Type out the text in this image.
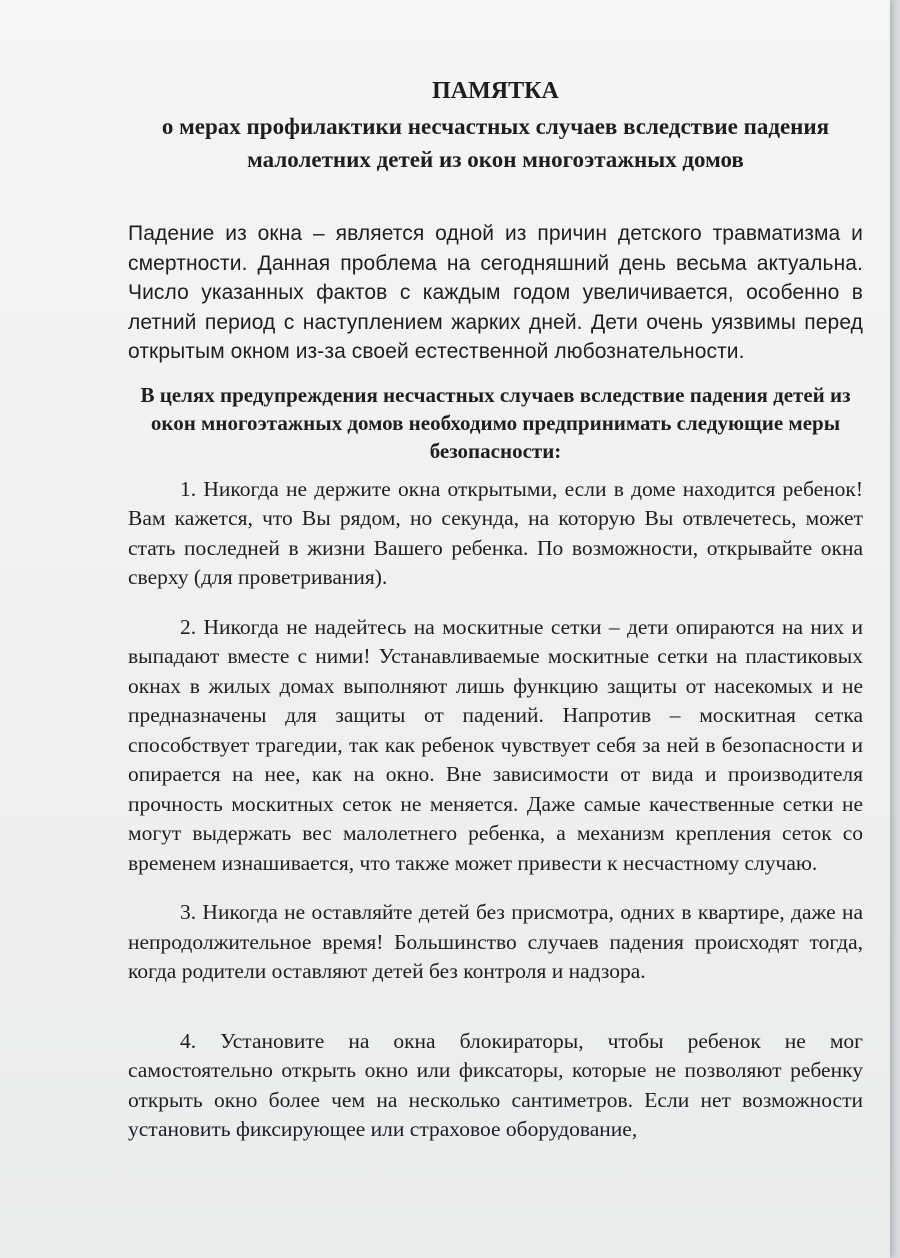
ПАМЯТКА
о мерах профилактики несчастных случаев вследствие падения малолетних детей из окон многоэтажных домов

Падение из окна – является одной из причин детского травматизма и смертности. Данная проблема на сегодняшний день весьма актуальна. Число указанных фактов с каждым годом увеличивается, особенно в летний период с наступлением жарких дней. Дети очень уязвимы перед открытым окном из-за своей естественной любознательности.

В целях предупреждения несчастных случаев вследствие падения детей из окон многоэтажных домов необходимо предпринимать следующие меры безопасности:

1. Никогда не держите окна открытыми, если в доме находится ребенок! Вам кажется, что Вы рядом, но секунда, на которую Вы отвлечетесь, может стать последней в жизни Вашего ребенка. По возможности, открывайте окна сверху (для проветривания).

2. Никогда не надейтесь на москитные сетки – дети опираются на них и выпадают вместе с ними! Устанавливаемые москитные сетки на пластиковых окнах в жилых домах выполняют лишь функцию защиты от насекомых и не предназначены для защиты от падений. Напротив – москитная сетка способствует трагедии, так как ребенок чувствует себя за ней в безопасности и опирается на нее, как на окно. Вне зависимости от вида и производителя прочность москитных сеток не меняется. Даже самые качественные сетки не могут выдержать вес малолетнего ребенка, а механизм крепления сеток со временем изнашивается, что также может привести к несчастному случаю.

3. Никогда не оставляйте детей без присмотра, одних в квартире, даже на непродолжительное время! Большинство случаев падения происходят тогда, когда родители оставляют детей без контроля и надзора.

4. Установите на окна блокираторы, чтобы ребенок не мог самостоятельно открыть окно или фиксаторы, которые не позволяют ребенку открыть окно более чем на несколько сантиметров. Если нет возможности установить фиксирующее или страховое оборудование,
